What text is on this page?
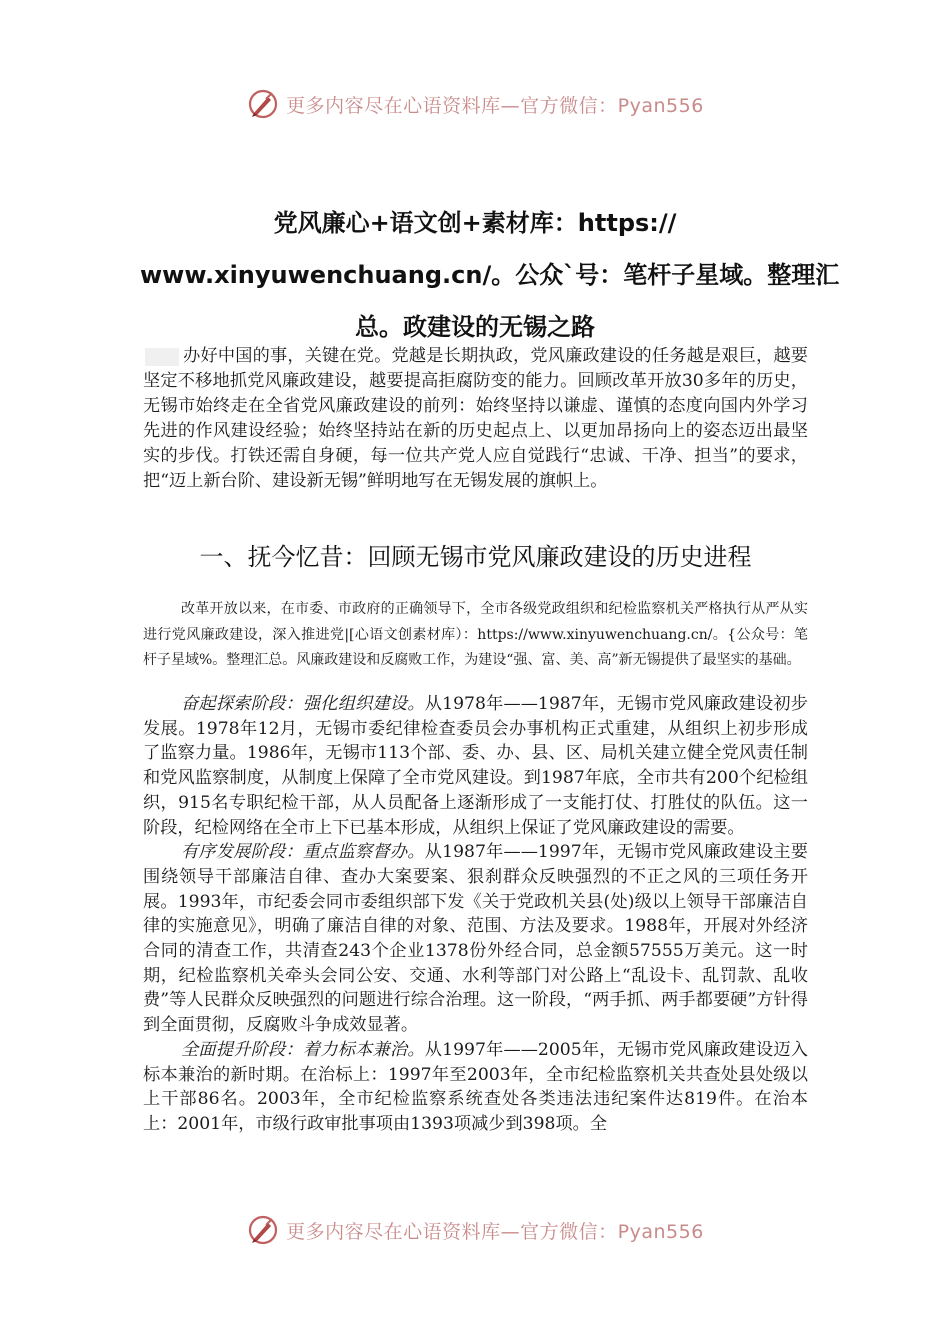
更多内容尽在心语资料库—官方微信：Pyan556
党风廉心+语文创+素材库：https://
www.xinyuwenchuang.cn/。公众`号：笔杆子星域。整理汇
总。政建设的无锡之路

办好中国的事，关键在党。党越是长期执政，党风廉政建设的任务越是艰巨，越要坚定不移地抓党风廉政建设，越要提高拒腐防变的能力。回顾改革开放30多年的历史，无锡市始终走在全省党风廉政建设的前列：始终坚持以谦虚、谨慎的态度向国内外学习先进的作风建设经验；始终坚持站在新的历史起点上、以更加昂扬向上的姿态迈出最坚实的步伐。打铁还需自身硬，每一位共产党人应自觉践行“忠诚、干净、担当”的要求，把“迈上新台阶、建设新无锡”鲜明地写在无锡发展的旗帜上。

一、抚今忆昔：回顾无锡市党风廉政建设的历史进程

改革开放以来，在市委、市政府的正确领导下，全市各级党政组织和纪检监察机关严格执行从严从实进行党风廉政建设，深入推进党|[心语文创素材库）：https://www.xinyuwenchuang.cn/。{公众号：笔杆子星域%。整理汇总。风廉政建设和反腐败工作，为建设“强、富、美、高”新无锡提供了最坚实的基础。

奋起探索阶段：强化组织建设。从1978年——1987年，无锡市党风廉政建设初步发展。1978年12月，无锡市委纪律检查委员会办事机构正式重建，从组织上初步形成了监察力量。1986年，无锡市113个部、委、办、县、区、局机关建立健全党风责任制和党风监察制度，从制度上保障了全市党风建设。到1987年底，全市共有200个纪检组织，915名专职纪检干部，从人员配备上逐渐形成了一支能打仗、打胜仗的队伍。这一阶段，纪检网络在全市上下已基本形成，从组织上保证了党风廉政建设的需要。

有序发展阶段：重点监察督办。从1987年——1997年，无锡市党风廉政建设主要围绕领导干部廉洁自律、查办大案要案、狠刹群众反映强烈的不正之风的三项任务开展。1993年，市纪委会同市委组织部下发《关于党政机关县(处)级以上领导干部廉洁自律的实施意见》，明确了廉洁自律的对象、范围、方法及要求。1988年，开展对外经济合同的清查工作，共清查243个企业1378份外经合同，总金额57555万美元。这一时期，纪检监察机关牵头会同公安、交通、水利等部门对公路上“乱设卡、乱罚款、乱收费”等人民群众反映强烈的问题进行综合治理。这一阶段，“两手抓、两手都要硬”方针得到全面贯彻，反腐败斗争成效显著。

全面提升阶段：着力标本兼治。从1997年——2005年，无锡市党风廉政建设迈入标本兼治的新时期。在治标上：1997年至2003年，全市纪检监察机关共查处县处级以上干部86名。2003年，全市纪检监察系统查处各类违法违纪案件达819件。在治本上：2001年，市级行政审批事项由1393项减少到398项。全

更多内容尽在心语资料库—官方微信：Pyan556
